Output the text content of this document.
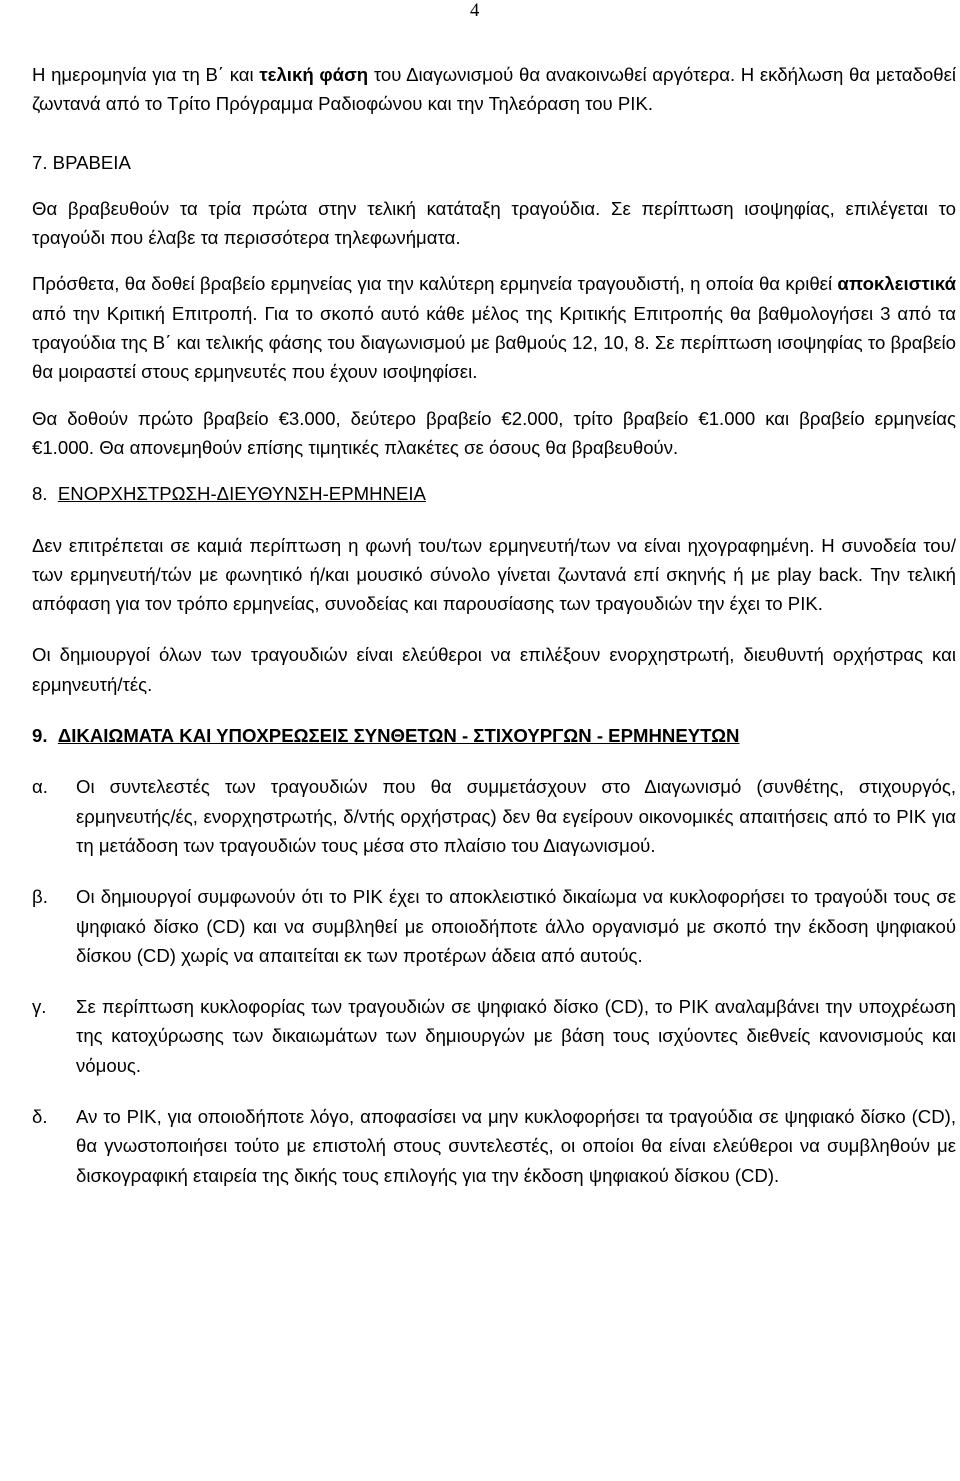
4

Η ημερομηνία για τη Β΄ και τελική φάση του Διαγωνισμού θα ανακοινωθεί αργότερα. Η εκδήλωση θα μεταδοθεί ζωντανά από το Τρίτο Πρόγραμμα Ραδιοφώνου και την Τηλεόραση του ΡΙΚ.

7. ΒΡΑΒΕΙΑ

Θα βραβευθούν τα τρία πρώτα στην τελική κατάταξη τραγούδια. Σε περίπτωση ισοψηφίας, επιλέγεται το τραγούδι που έλαβε τα περισσότερα τηλεφωνήματα.

Πρόσθετα, θα δοθεί βραβείο ερμηνείας για την καλύτερη ερμηνεία τραγουδιστή, η οποία θα κριθεί αποκλειστικά από την Κριτική Επιτροπή. Για το σκοπό αυτό κάθε μέλος της Κριτικής Επιτροπής θα βαθμολογήσει 3 από τα τραγούδια της Β΄ και τελικής φάσης του διαγωνισμού με βαθμούς 12, 10, 8. Σε περίπτωση ισοψηφίας το βραβείο θα μοιραστεί στους ερμηνευτές που έχουν ισοψηφίσει.

Θα δοθούν πρώτο βραβείο €3.000, δεύτερο βραβείο €2.000, τρίτο βραβείο €1.000 και βραβείο ερμηνείας €1.000. Θα απονεμηθούν επίσης τιμητικές πλακέτες σε όσους θα βραβευθούν.

8. ΕΝΟΡΧΗΣΤΡΩΣΗ-ΔΙΕΥΘΥΝΣΗ-ΕΡΜΗΝΕΙΑ

Δεν επιτρέπεται σε καμιά περίπτωση η φωνή του/των ερμηνευτή/των να είναι ηχογραφημένη. Η συνοδεία του/των ερμηνευτή/τών με φωνητικό ή/και μουσικό σύνολο γίνεται ζωντανά επί σκηνής ή με play back. Την τελική απόφαση για τον τρόπο ερμηνείας, συνοδείας και παρουσίασης των τραγουδιών την έχει το ΡΙΚ.

Οι δημιουργοί όλων των τραγουδιών είναι ελεύθεροι να επιλέξουν ενορχηστρωτή, διευθυντή ορχήστρας και ερμηνευτή/τές.

9. ΔΙΚΑΙΩΜΑΤΑ ΚΑΙ ΥΠΟΧΡΕΩΣΕΙΣ ΣΥΝΘΕΤΩΝ - ΣΤΙΧΟΥΡΓΩΝ - ΕΡΜΗΝΕΥΤΩΝ

α.	Οι συντελεστές των τραγουδιών που θα συμμετάσχουν στο Διαγωνισμό (συνθέτης, στιχουργός, ερμηνευτής/ές, ενορχηστρωτής, δ/ντής ορχήστρας) δεν θα εγείρουν οικονομικές απαιτήσεις από το ΡΙΚ για τη μετάδοση των τραγουδιών τους μέσα στο πλαίσιο του Διαγωνισμού.
β.	Οι δημιουργοί συμφωνούν ότι το ΡΙΚ έχει το αποκλειστικό δικαίωμα να κυκλοφορήσει το τραγούδι τους σε ψηφιακό δίσκο (CD) και να συμβληθεί με οποιοδήποτε άλλο οργανισμό με σκοπό την έκδοση ψηφιακού δίσκου (CD) χωρίς να απαιτείται εκ των προτέρων άδεια από αυτούς.
γ.	Σε περίπτωση κυκλοφορίας των τραγουδιών σε ψηφιακό δίσκο (CD), το ΡΙΚ αναλαμβάνει την υποχρέωση της κατοχύρωσης των δικαιωμάτων των δημιουργών με βάση τους ισχύοντες διεθνείς κανονισμούς και νόμους.
δ.	Αν το ΡΙΚ, για οποιοδήποτε λόγο, αποφασίσει να μην κυκλοφορήσει τα τραγούδια σε ψηφιακό δίσκο (CD), θα γνωστοποιήσει τούτο με επιστολή στους συντελεστές, οι οποίοι θα είναι ελεύθεροι να συμβληθούν με δισκογραφική εταιρεία της δικής τους επιλογής για την έκδοση ψηφιακού δίσκου (CD).
